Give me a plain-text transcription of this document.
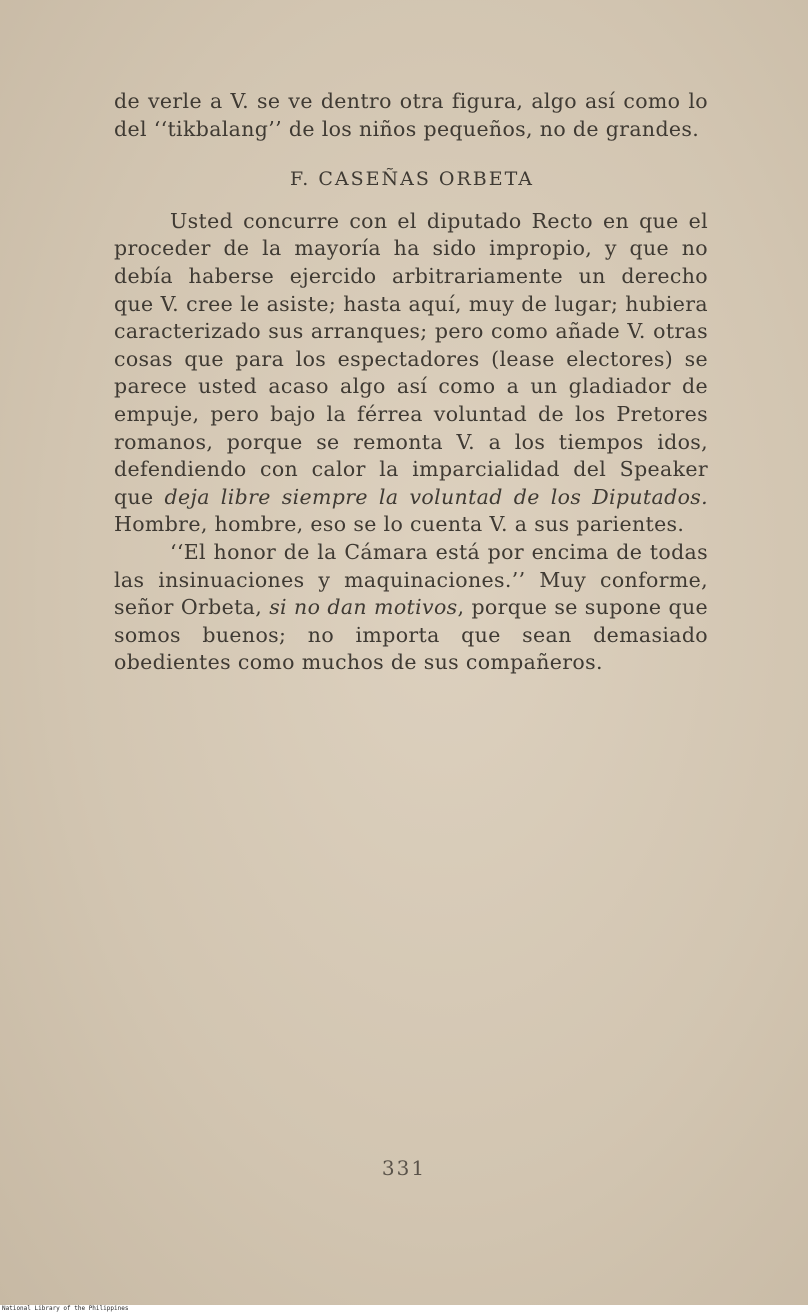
de verle a V. se ve dentro otra figura, algo así como lo del ‘‘tikbalang’’ de los niños pequeños, no de grandes.

F. CASEÑAS ORBETA

Usted concurre con el diputado Recto en que el proceder de la mayoría ha sido impropio, y que no debía haberse ejercido arbitrariamente un derecho que V. cree le asiste; hasta aquí, muy de lugar; hubiera caracterizado sus arranques; pero como añade V. otras cosas que para los espectadores (lease electores) se parece usted acaso algo así como a un gladiador de empuje, pero bajo la férrea voluntad de los Pretores romanos, porque se remonta V. a los tiempos idos, defendiendo con calor la imparcialidad del Speaker que deja libre siempre la voluntad de los Diputados. Hombre, hombre, eso se lo cuenta V. a sus parientes.

‘‘El honor de la Cámara está por encima de todas las insinuaciones y maquinaciones.’’ Muy conforme, señor Orbeta, si no dan motivos, porque se supone que somos buenos; no importa que sean demasiado obedientes como muchos de sus compañeros.

331
National Library of the Philippines
